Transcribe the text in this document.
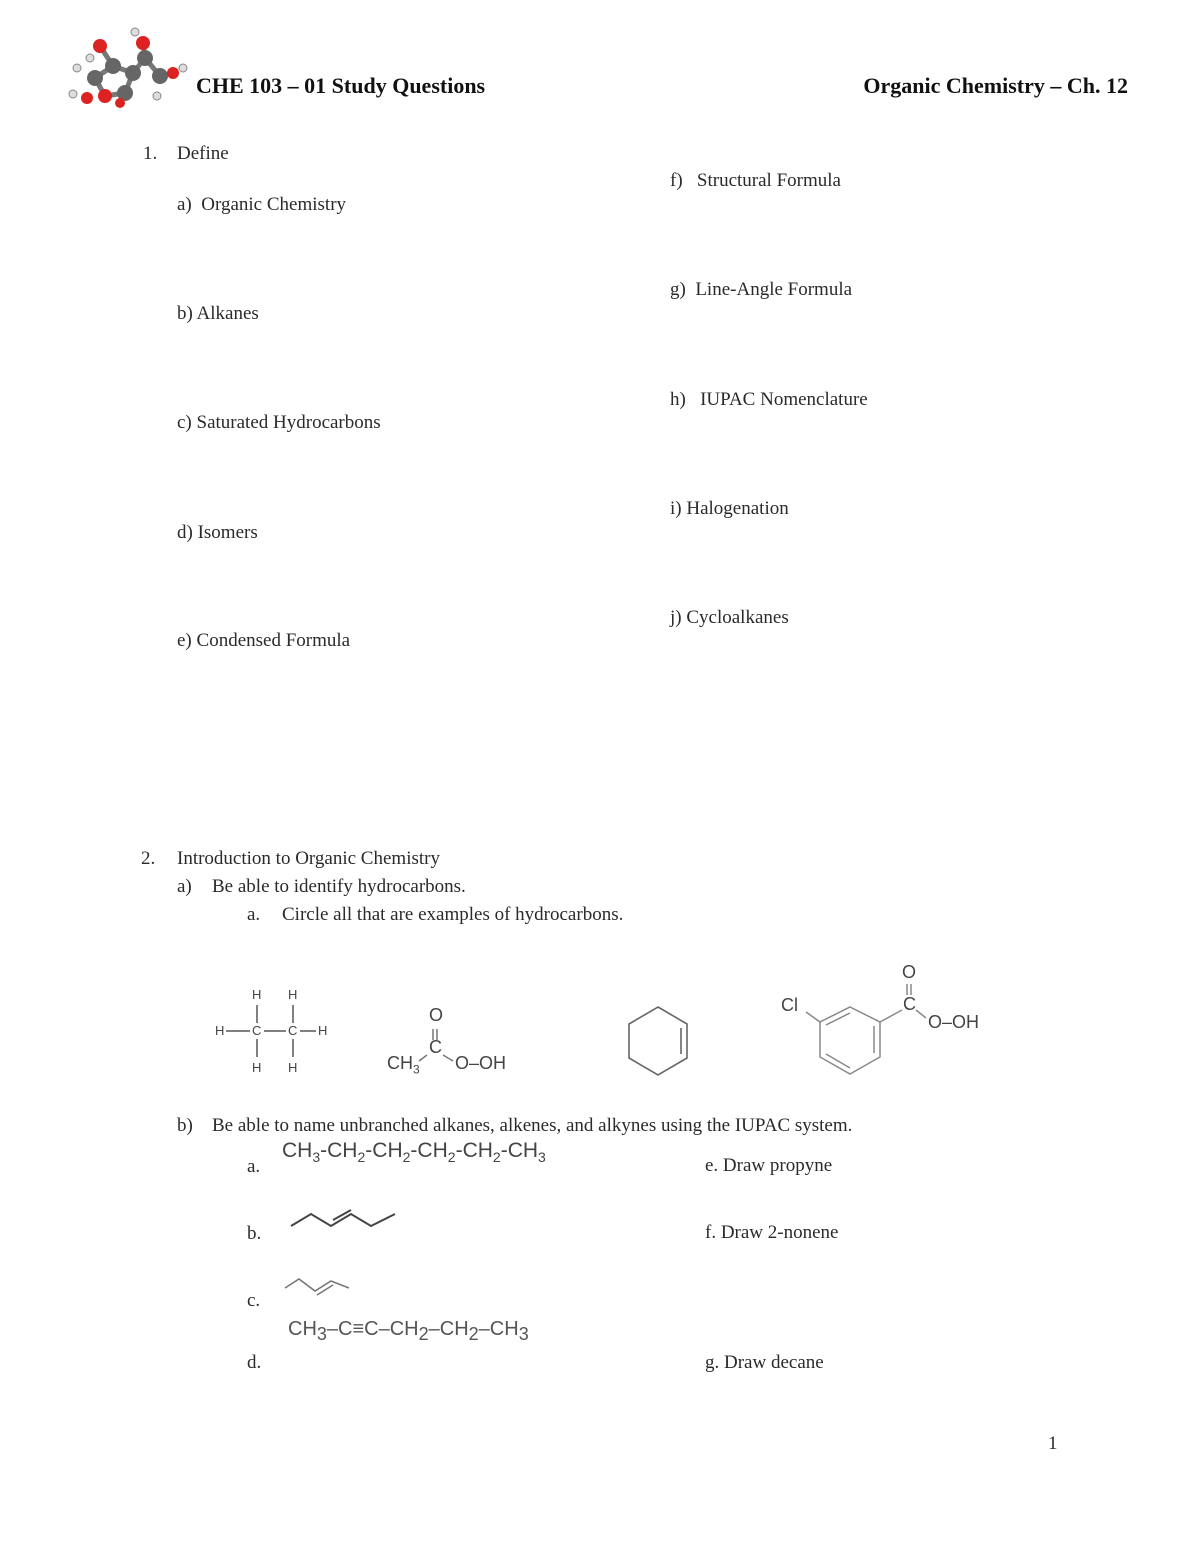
CHE 103 – 01 Study Questions	Organic Chemistry – Ch. 12
1. Define
a) Organic Chemistry
b) Alkanes
c) Saturated Hydrocarbons
d) Isomers
e) Condensed Formula
f) Structural Formula
g) Line-Angle Formula
h) IUPAC Nomenclature
i) Halogenation
j) Cycloalkanes
2. Introduction to Organic Chemistry
a) Be able to identify hydrocarbons.
a. Circle all that are examples of hydrocarbons.
H H
H C C H
H H
O
C
$CH_3$ O–OH
O
C
Cl
O–OH
b) Be able to name unbranched alkanes, alkenes, and alkynes using the IUPAC system.
a.
$CH_3-CH_2-CH_2-CH_2-CH_2-CH_3$
b.
c.
$CH_3-C\equiv C-CH_2-CH_2-CH_3$
d.
e. Draw propyne
f. Draw 2-nonene
g. Draw decane
1
